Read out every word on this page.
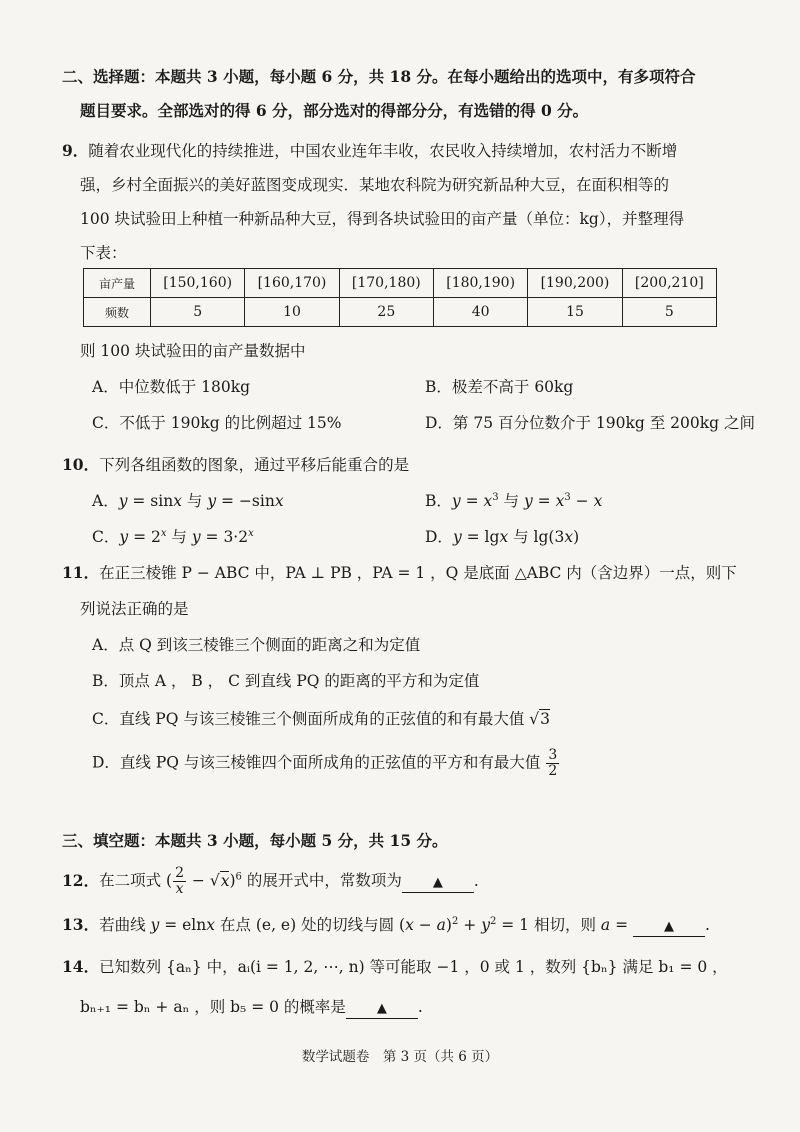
二、选择题：本题共 3 小题，每小题 6 分，共 18 分。在每小题给出的选项中，有多项符合
题目要求。全部选对的得 6 分，部分选对的得部分分，有选错的得 0 分。
9．随着农业现代化的持续推进，中国农业连年丰收，农民收入持续增加，农村活力不断增
强，乡村全面振兴的美好蓝图变成现实．某地农科院为研究新品种大豆，在面积相等的
100 块试验田上种植一种新品种大豆，得到各块试验田的亩产量（单位：kg），并整理得
下表：
亩产量	[150,160)	[160,170)	[170,180)	[180,190)	[190,200)	[200,210]
频数	5	10	25	40	15	5
则 100 块试验田的亩产量数据中
A．中位数低于 180kg	B．极差不高于 60kg
C．不低于 190kg 的比例超过 15%	D．第 75 百分位数介于 190kg 至 200kg 之间
10．下列各组函数的图象，通过平移后能重合的是
A．y = sinx 与 y = −sinx	B．$y = x^3$ 与 $y = x^3 - x$
C．$y = 2^x$ 与 $y = 3\cdot 2^x$	D．y = lgx 与 lg(3x)
11．在正三棱锥 P − ABC 中，PA ⊥ PB ，PA = 1 ，Q 是底面 △ABC 内（含边界）一点，则下
列说法正确的是
A．点 Q 到该三棱锥三个侧面的距离之和为定值
B．顶点 A ， B ， C 到直线 PQ 的距离的平方和为定值
C．直线 PQ 与该三棱锥三个侧面所成角的正弦值的和有最大值 √3
D．直线 PQ 与该三棱锥四个面所成角的正弦值的平方和有最大值 $\frac{3}{2}$
三、填空题：本题共 3 小题，每小题 5 分，共 15 分。
12．在二项式 ( $\frac{2}{x} - √x)^6$ 的展开式中，常数项为 ▲ ．
13．若曲线 y = elnx 在点 (e, e) 处的切线与圆 $(x - a)^2 + y^2 = 1$ 相切，则 a = ▲ .
14．已知数列 {aₙ} 中，aᵢ(i = 1, 2, ⋯, n) 等可能取 −1 ，0 或 1 ，数列 {bₙ} 满足 b₁ = 0 ，
bₙ₊₁ = bₙ + aₙ ，则 b₅ = 0 的概率是 ▲ .
数学试题卷　第 3 页（共 6 页）
